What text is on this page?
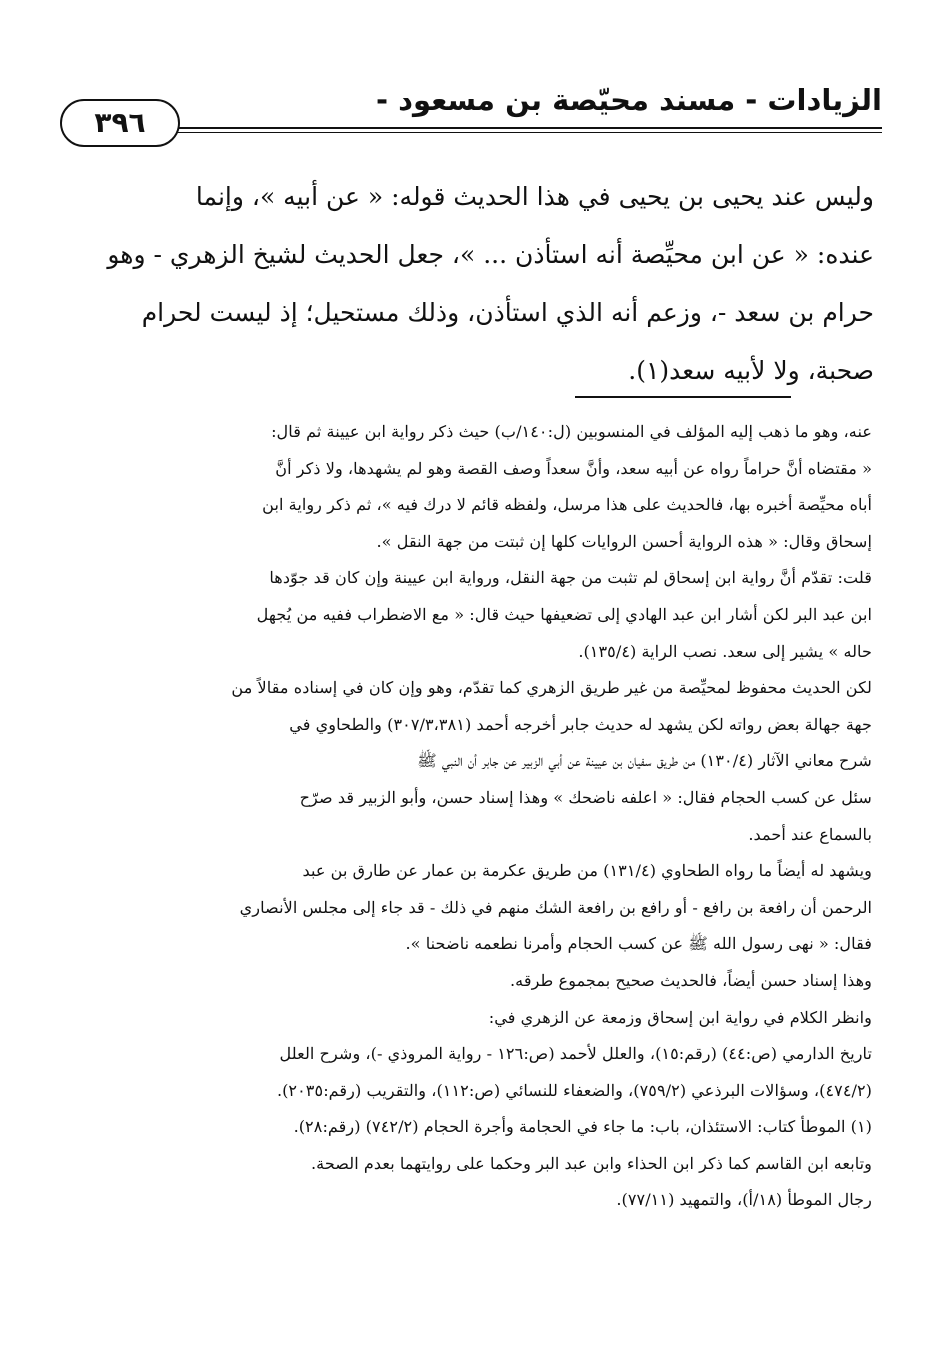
الزيادات - مسند محيّصة بن مسعود -
٣٩٦
وليس عند يحيى بن يحيى في هذا الحديث قوله: « عن أبيه »، وإنما
عنده: « عن ابن محيِّصة أنه استأذن ... »، جعل الحديث لشيخ الزهري - وهو
حرام بن سعد -، وزعم أنه الذي استأذن، وذلك مستحيل؛ إذ ليست لحرام
صحبة، ولا لأبيه سعد(١).
عنه، وهو ما ذهب إليه المؤلف في المنسوبين (ل:١٤٠/ب) حيث ذكر رواية ابن عيينة ثم قال:
« مقتضاه أنَّ حراماً رواه عن أبيه سعد، وأنَّ سعداً وصف القصة وهو لم يشهدها، ولا ذكر أنَّ
أباه محيِّصة أخبره بها، فالحديث على هذا مرسل، ولفظه قائم لا درك فيه »، ثم ذكر رواية ابن
إسحاق وقال: « هذه الرواية أحسن الروايات كلها إن ثبتت من جهة النقل ».
قلت: تقدّم أنَّ رواية ابن إسحاق لم تثبت من جهة النقل، ورواية ابن عيينة وإن كان قد جوّدها
ابن عبد البر لكن أشار ابن عبد الهادي إلى تضعيفها حيث قال: « مع الاضطراب ففيه من يُجهل
حاله » يشير إلى سعد. نصب الراية (١٣٥/٤).
لكن الحديث محفوظ لمحيِّصة من غير طريق الزهري كما تقدّم، وهو وإن كان في إسناده مقالاً من
جهة جهالة بعض رواته لكن يشهد له حديث جابر أخرجه أحمد (٣٠٧/٣،٣٨١) والطحاوي في
شرح معاني الآثار (١٣٠/٤) من طريق سفيان بن عيينة عن أبي الزبير عن جابر أن النبي ﷺ
سئل عن كسب الحجام فقال: « اعلفه ناضحك » وهذا إسناد حسن، وأبو الزبير قد صرّح
بالسماع عند أحمد.
ويشهد له أيضاً ما رواه الطحاوي (١٣١/٤) من طريق عكرمة بن عمار عن طارق بن عبد
الرحمن أن رافعة بن رافع - أو رافع بن رافعة الشك منهم في ذلك - قد جاء إلى مجلس الأنصاري
فقال: « نهى رسول الله ﷺ عن كسب الحجام وأمرنا نطعمه ناضحنا ».
وهذا إسناد حسن أيضاً، فالحديث صحيح بمجموع طرقه.
وانظر الكلام في رواية ابن إسحاق وزمعة عن الزهري في:
تاريخ الدارمي (ص:٤٤) (رقم:١٥)، والعلل لأحمد (ص:١٢٦ - رواية المروذي -)، وشرح العلل
(٤٧٤/٢)، وسؤالات البرذعي (٧٥٩/٢)، والضعفاء للنسائي (ص:١١٢)، والتقريب (رقم:٢٠٣٥).
(١) الموطأ كتاب: الاستئذان، باب: ما جاء في الحجامة وأجرة الحجام (٧٤٢/٢) (رقم:٢٨).
وتابعه ابن القاسم كما ذكر ابن الحذاء وابن عبد البر وحكما على روايتهما بعدم الصحة.
رجال الموطأ (١٨/أ)، والتمهيد (٧٧/١١).
